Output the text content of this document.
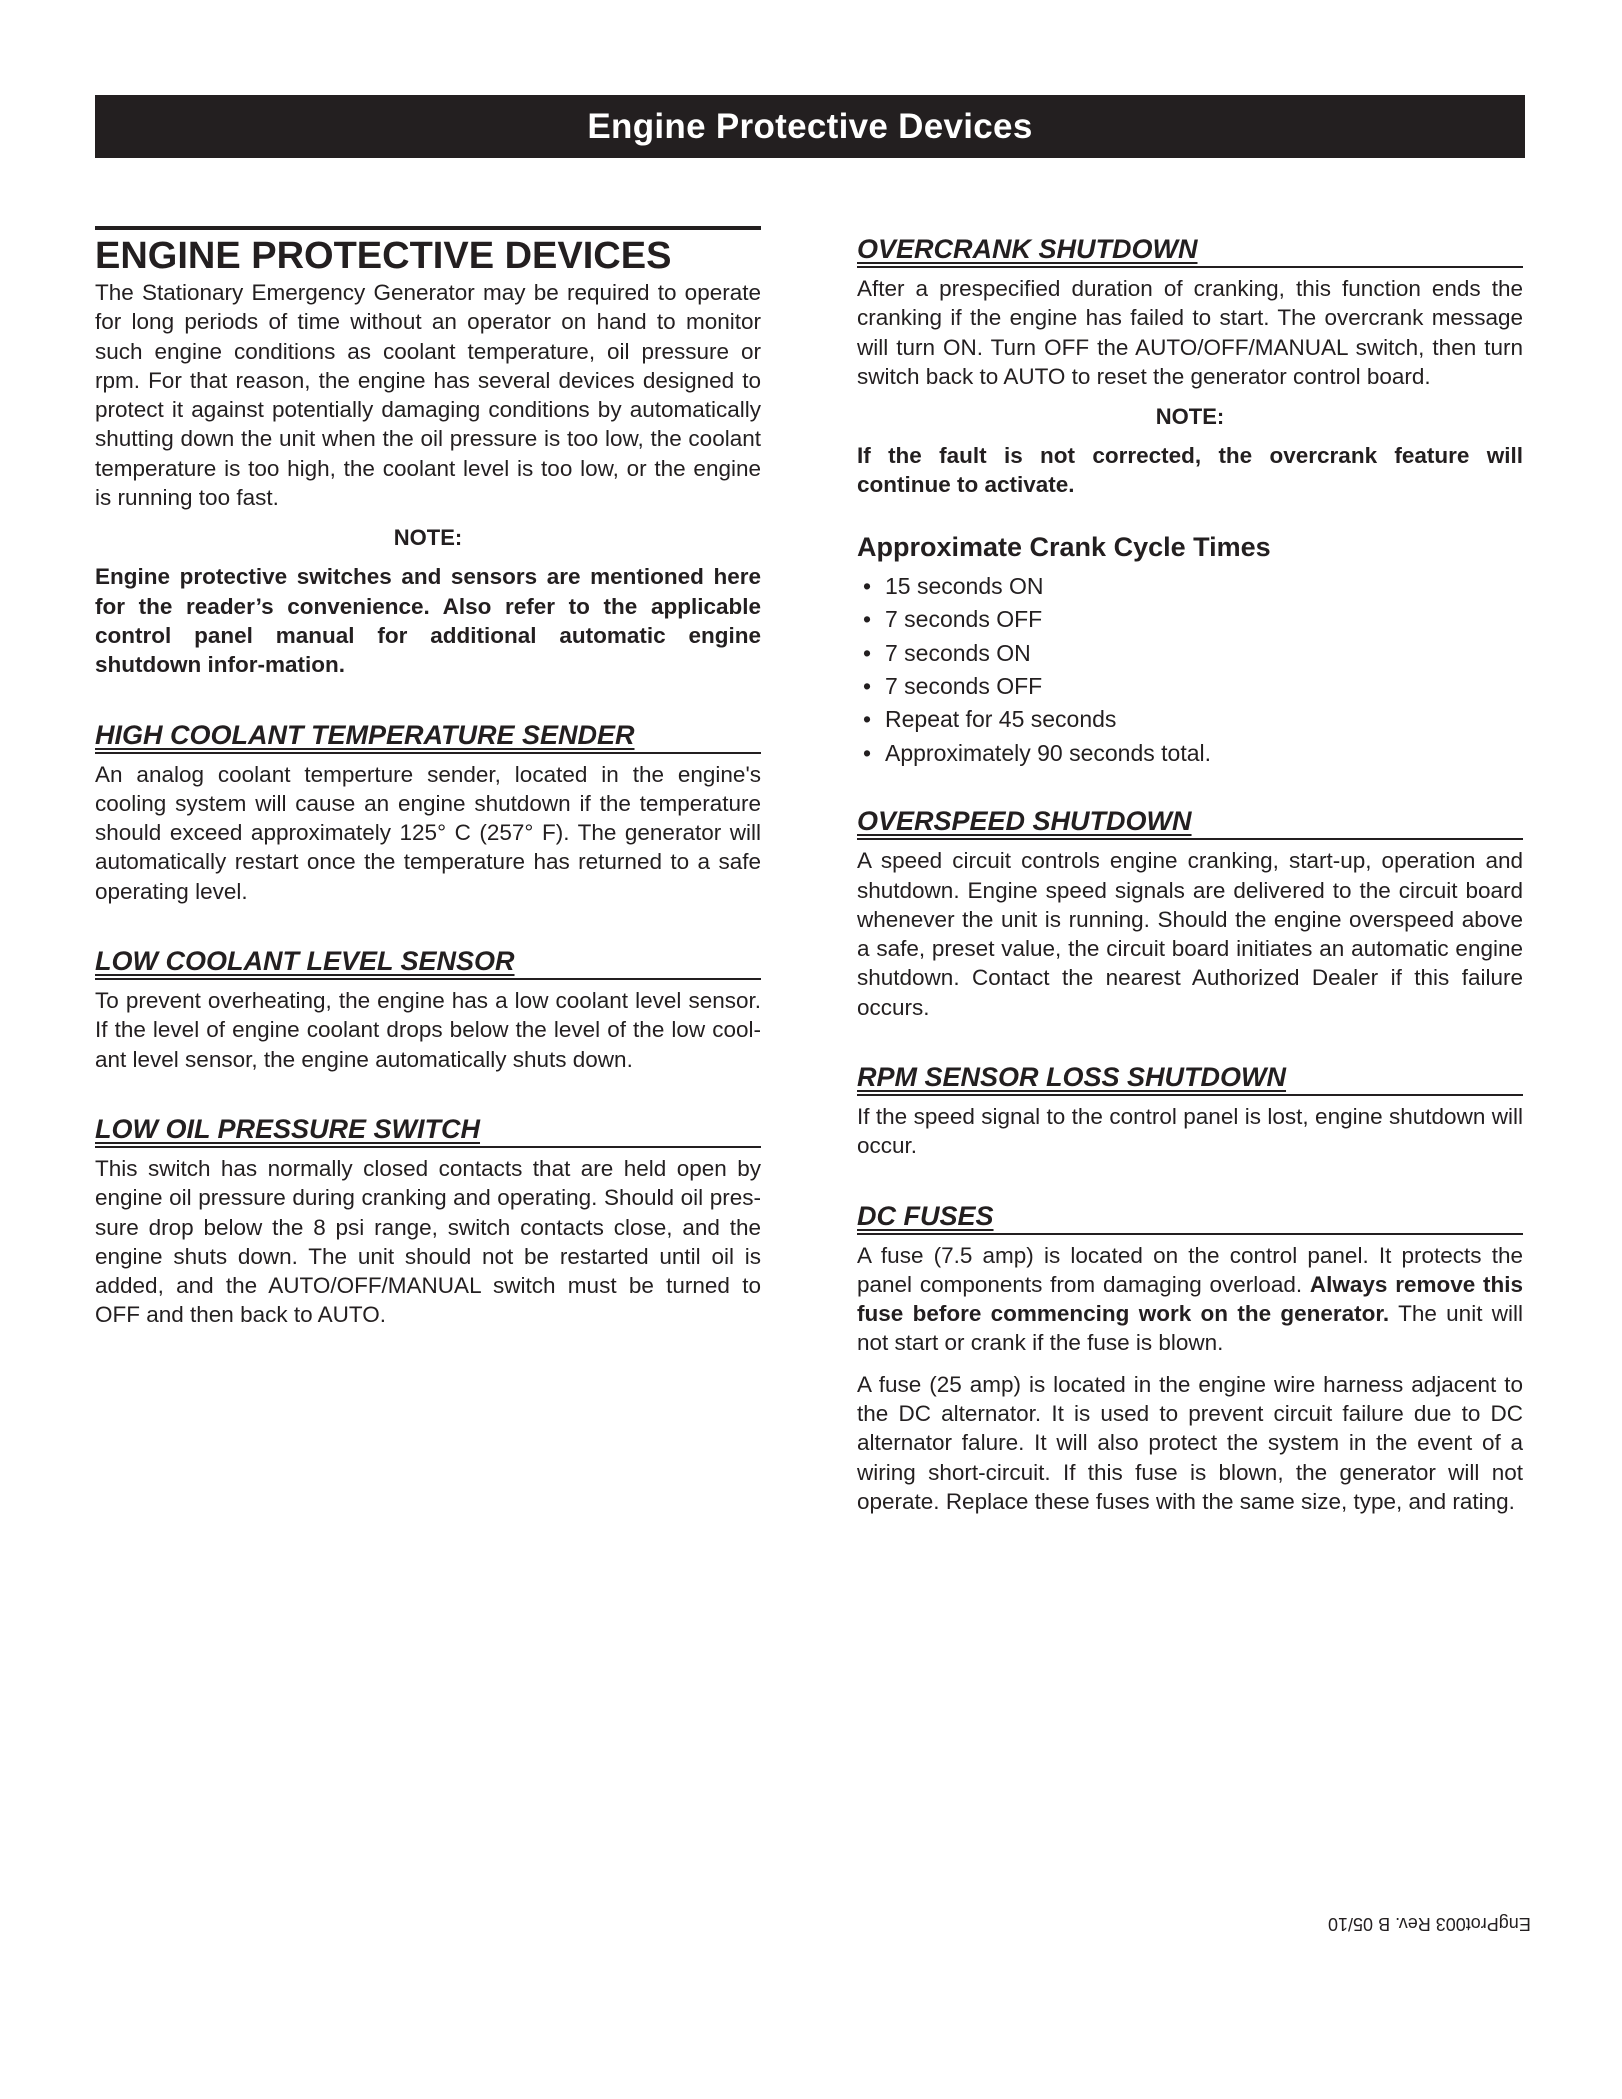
Engine Protective Devices
ENGINE PROTECTIVE DEVICES

The Stationary Emergency Generator may be required to operate for long periods of time without an operator on hand to monitor such engine conditions as coolant temperature, oil pressure or rpm. For that reason, the engine has several devices designed to protect it against potentially damaging conditions by automatically shutting down the unit when the oil pressure is too low, the coolant temperature is too high, the coolant level is too low, or the engine is running too fast.

NOTE:

Engine protective switches and sensors are mentioned here for the reader’s convenience. Also refer to the applicable control panel manual for additional automatic engine shutdown infor-mation.

HIGH COOLANT TEMPERATURE SENDER

An analog coolant temperture sender, located in the engine's cooling system will cause an engine shutdown if the temperature should exceed approximately 125° C (257° F). The generator will automatically restart once the temperature has returned to a safe operating level.

LOW COOLANT LEVEL SENSOR

To prevent overheating, the engine has a low coolant level sensor. If the level of engine coolant drops below the level of the low cool-ant level sensor, the engine automatically shuts down.

LOW OIL PRESSURE SWITCH

This switch has normally closed contacts that are held open by engine oil pressure during cranking and operating. Should oil pres-sure drop below the 8 psi range, switch contacts close, and the engine shuts down. The unit should not be restarted until oil is added, and the AUTO/OFF/MANUAL switch must be turned to OFF and then back to AUTO.

OVERCRANK SHUTDOWN

After a prespecified duration of cranking, this function ends the cranking if the engine has failed to start. The overcrank message will turn ON. Turn OFF the AUTO/OFF/MANUAL switch, then turn switch back to AUTO to reset the generator control board.

NOTE:

If the fault is not corrected, the overcrank feature will continue to activate.

Approximate Crank Cycle Times
• 15 seconds ON
• 7 seconds OFF
• 7 seconds ON
• 7 seconds OFF
• Repeat for 45 seconds
• Approximately 90 seconds total.
OVERSPEED SHUTDOWN

A speed circuit controls engine cranking, start-up, operation and shutdown. Engine speed signals are delivered to the circuit board whenever the unit is running. Should the engine overspeed above a safe, preset value, the circuit board initiates an automatic engine shutdown. Contact the nearest Authorized Dealer if this failure occurs.

RPM SENSOR LOSS SHUTDOWN

If the speed signal to the control panel is lost, engine shutdown will occur.

DC FUSES

A fuse (7.5 amp) is located on the control panel. It protects the panel components from damaging overload. Always remove this fuse before commencing work on the generator. The unit will not start or crank if the fuse is blown.

A fuse (25 amp) is located in the engine wire harness adjacent to the DC alternator. It is used to prevent circuit failure due to DC alternator falure. It will also protect the system in the event of a wiring short-circuit. If this fuse is blown, the generator will not operate. Replace these fuses with the same size, type, and rating.

EngProt003 Rev. B 05/10
